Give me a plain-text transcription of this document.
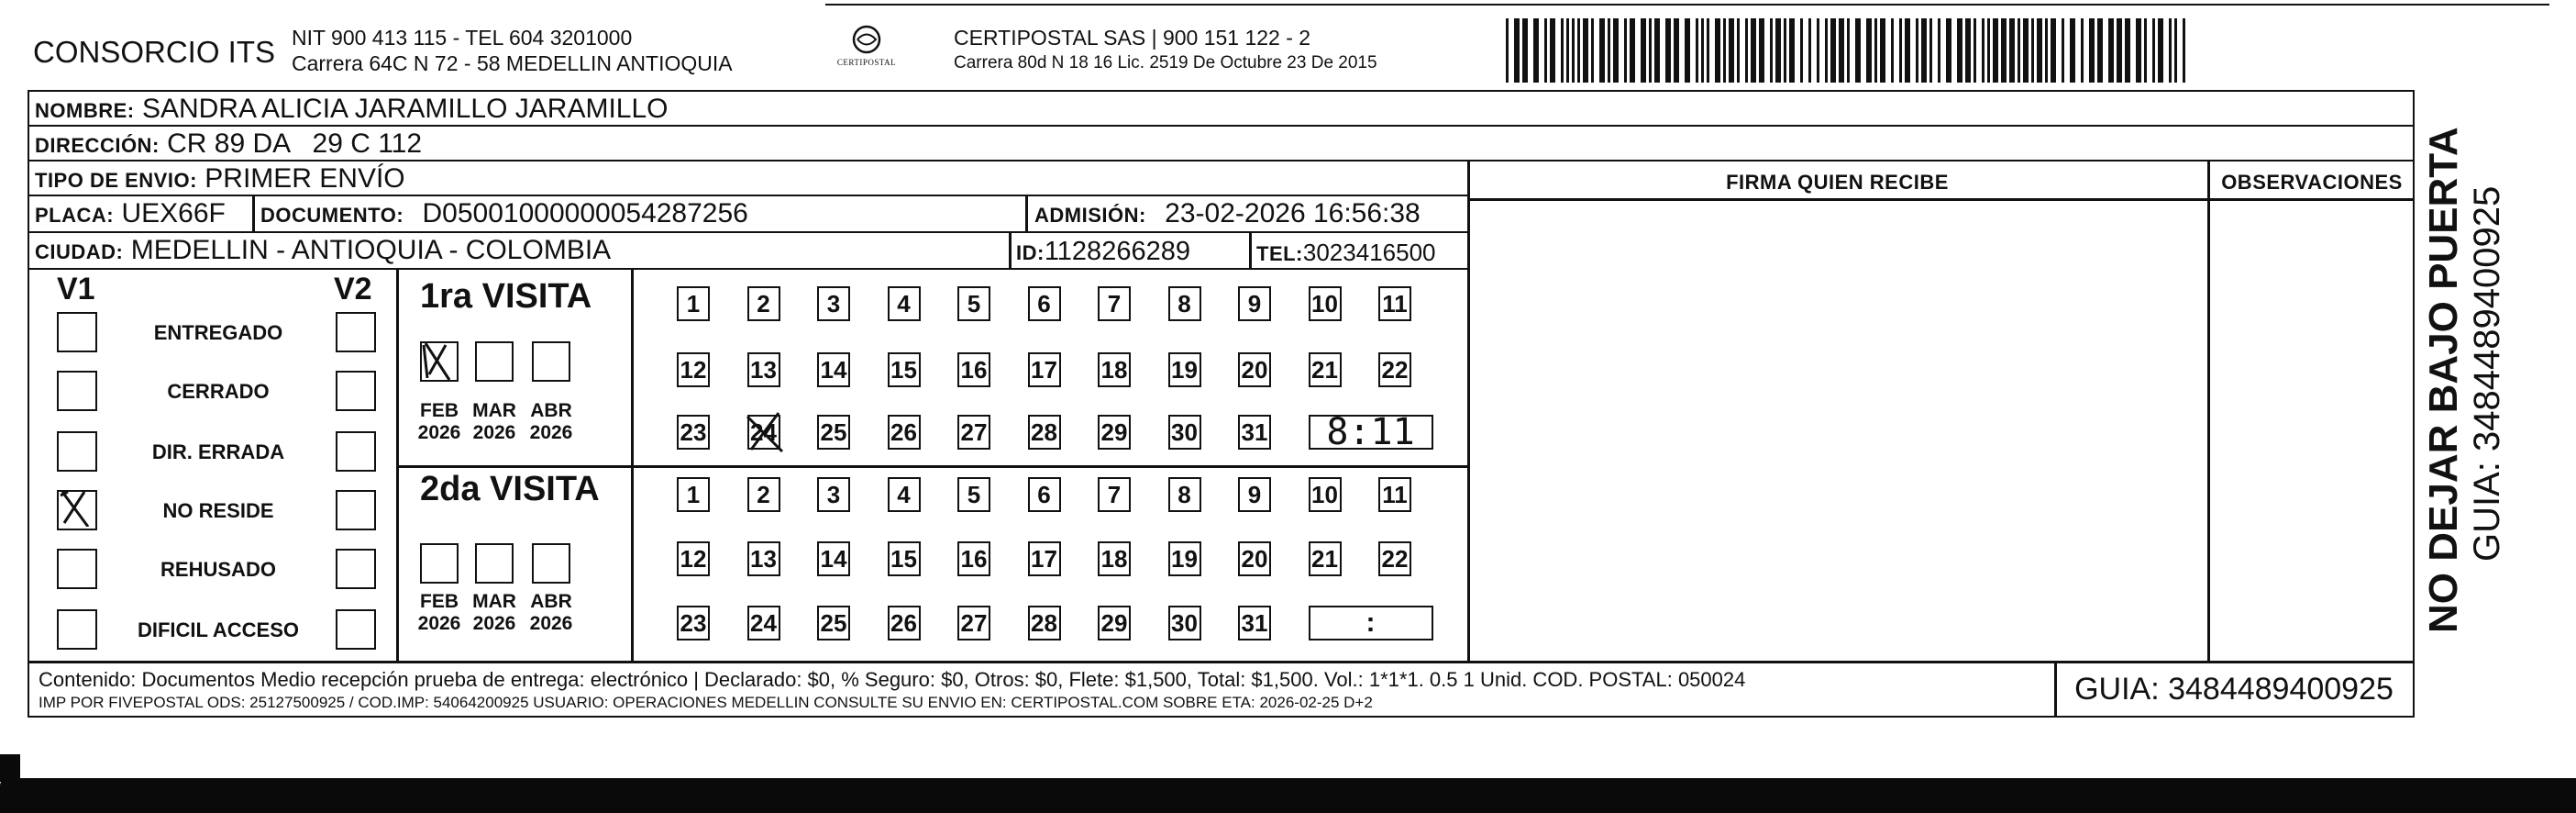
CONSORCIO ITS NIT 900 413 115 - TEL 604 3201000
Carrera 64C N 72 - 58 MEDELLIN ANTIOQUIA	CERTIPOSTAL
CERTIPOSTAL SAS | 900 151 122 - 2
Carrera 80d N 18 16 Lic. 2519 De Octubre 23 De 2015
NOMBRE: SANDRA ALICIA JARAMILLO JARAMILLO
DIRECCIÓN: CR 89 DA   29 C 112
TIPO DE ENVIO: PRIMER ENVÍO
PLACA: UEX66F	DOCUMENTO: D05001000000054287256	ADMISIÓN: 23-02-2026 16:56:38
CIUDAD: MEDELLIN - ANTIOQUIA - COLOMBIA	ID:1128266289	TEL:3023416500
FIRMA QUIEN RECIBE	OBSERVACIONES
V1	V2
ENTREGADO
CERRADO
DIR. ERRADA
NO RESIDE
REHUSADO
DIFICIL ACCESO
1ra VISITA
2da VISITA
FEB
2026
MAR
2026
ABR
2026
1	2	3	4	5	6	7	8	9	10 11
12 13 14 15 16 17 18 19 20 21 22
23 24 25 26 27 28 29 30 31	8:11
FEB
2026
MAR
2026
ABR
2026
1	2	3	4	5	6	7	8	9	10 11
12 13 14 15 16 17 18 19 20 21 22
23 24 25 26 27 28 29 30 31	:
Contenido: Documentos Medio recepción prueba de entrega: electrónico | Declarado: $0, % Seguro: $0, Otros: $0, Flete: $1,500, Total: $1,500. Vol.: 1*1*1. 0.5 1 Unid. COD. POSTAL: 050024
IMP POR FIVEPOSTAL ODS: 25127500925 / COD.IMP: 54064200925 USUARIO: OPERACIONES MEDELLIN CONSULTE SU ENVIO EN: CERTIPOSTAL.COM SOBRE ETA: 2026-02-25 D+2	GUIA: 3484489400925
NO DEJAR BAJO PUERTA GUIA: 3484489400925
